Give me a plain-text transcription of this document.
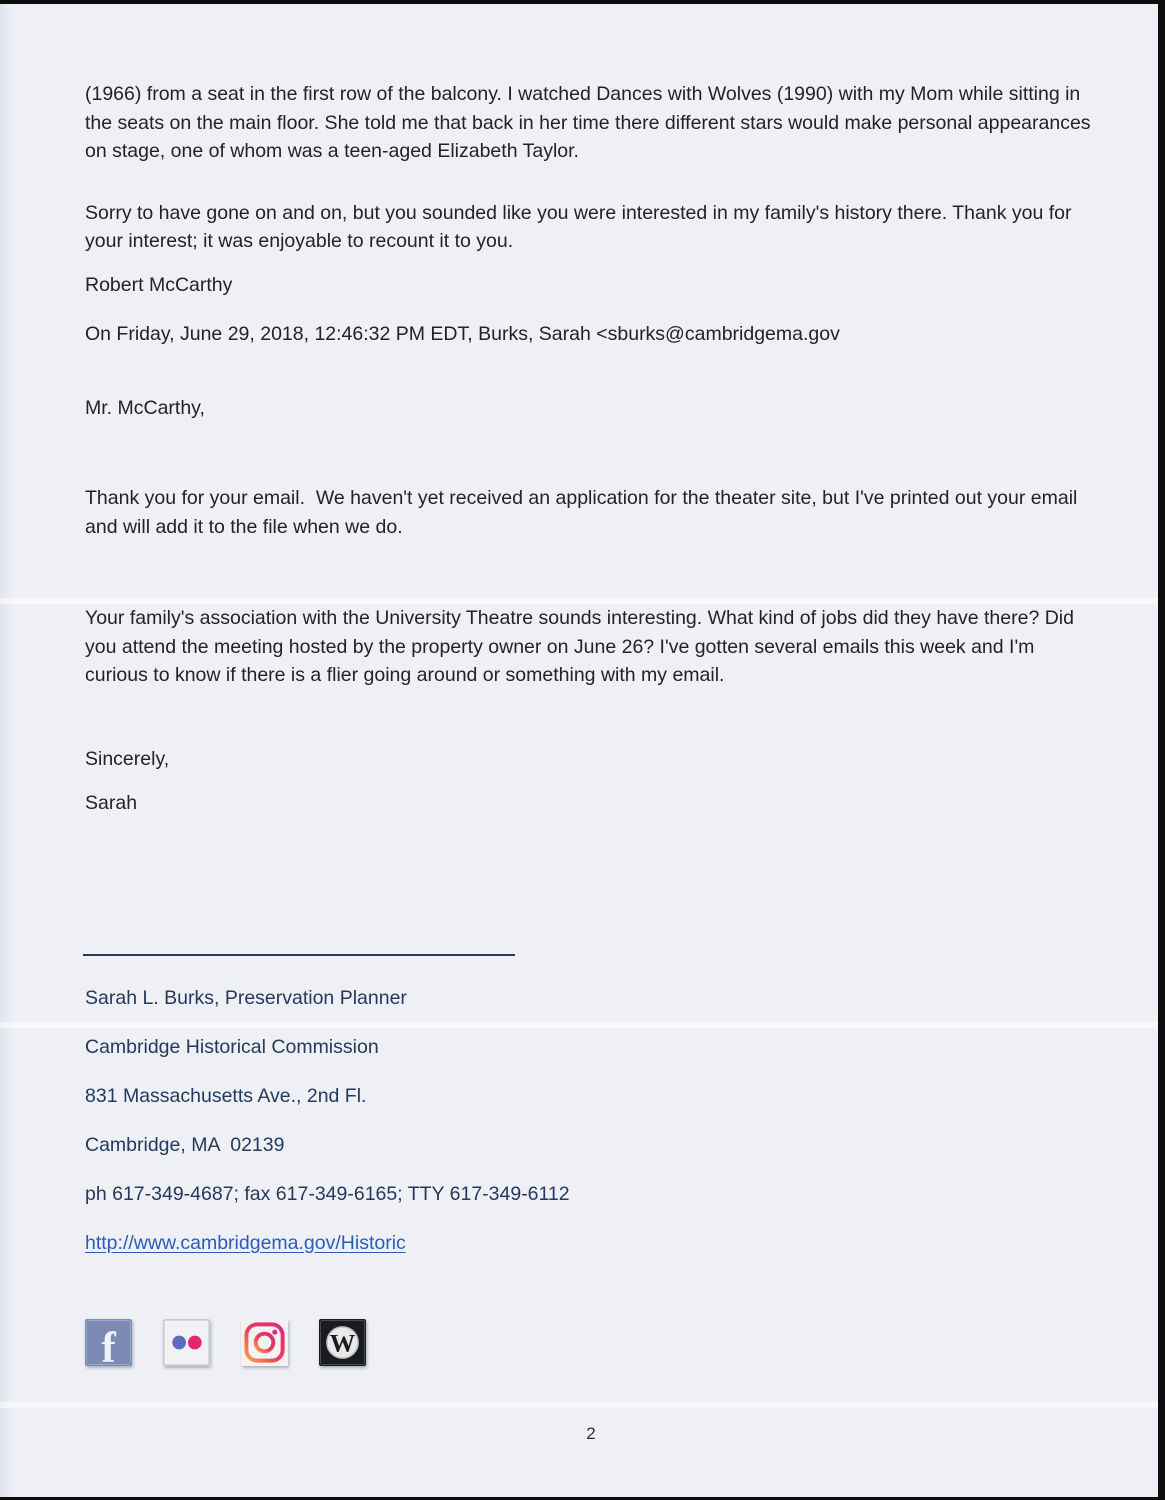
(1966) from a seat in the first row of the balcony. I watched Dances with Wolves (1990) with my Mom while sitting in the seats on the main floor. She told me that back in her time there different stars would make personal appearances on stage, one of whom was a teen-aged Elizabeth Taylor.

Sorry to have gone on and on, but you sounded like you were interested in my family's history there. Thank you for your interest; it was enjoyable to recount it to you.

Robert McCarthy

On Friday, June 29, 2018, 12:46:32 PM EDT, Burks, Sarah <sburks@cambridgema.gov

Mr. McCarthy,

Thank you for your email.  We haven't yet received an application for the theater site, but I've printed out your email and will add it to the file when we do.

Your family's association with the University Theatre sounds interesting. What kind of jobs did they have there? Did you attend the meeting hosted by the property owner on June 26? I've gotten several emails this week and I'm curious to know if there is a flier going around or something with my email.

Sincerely,

Sarah

Sarah L. Burks, Preservation Planner

Cambridge Historical Commission

831 Massachusetts Ave., 2nd Fl.

Cambridge, MA  02139

ph 617-349-4687; fax 617-349-6165; TTY 617-349-6112

http://www.cambridgema.gov/Historic

f	W
2
